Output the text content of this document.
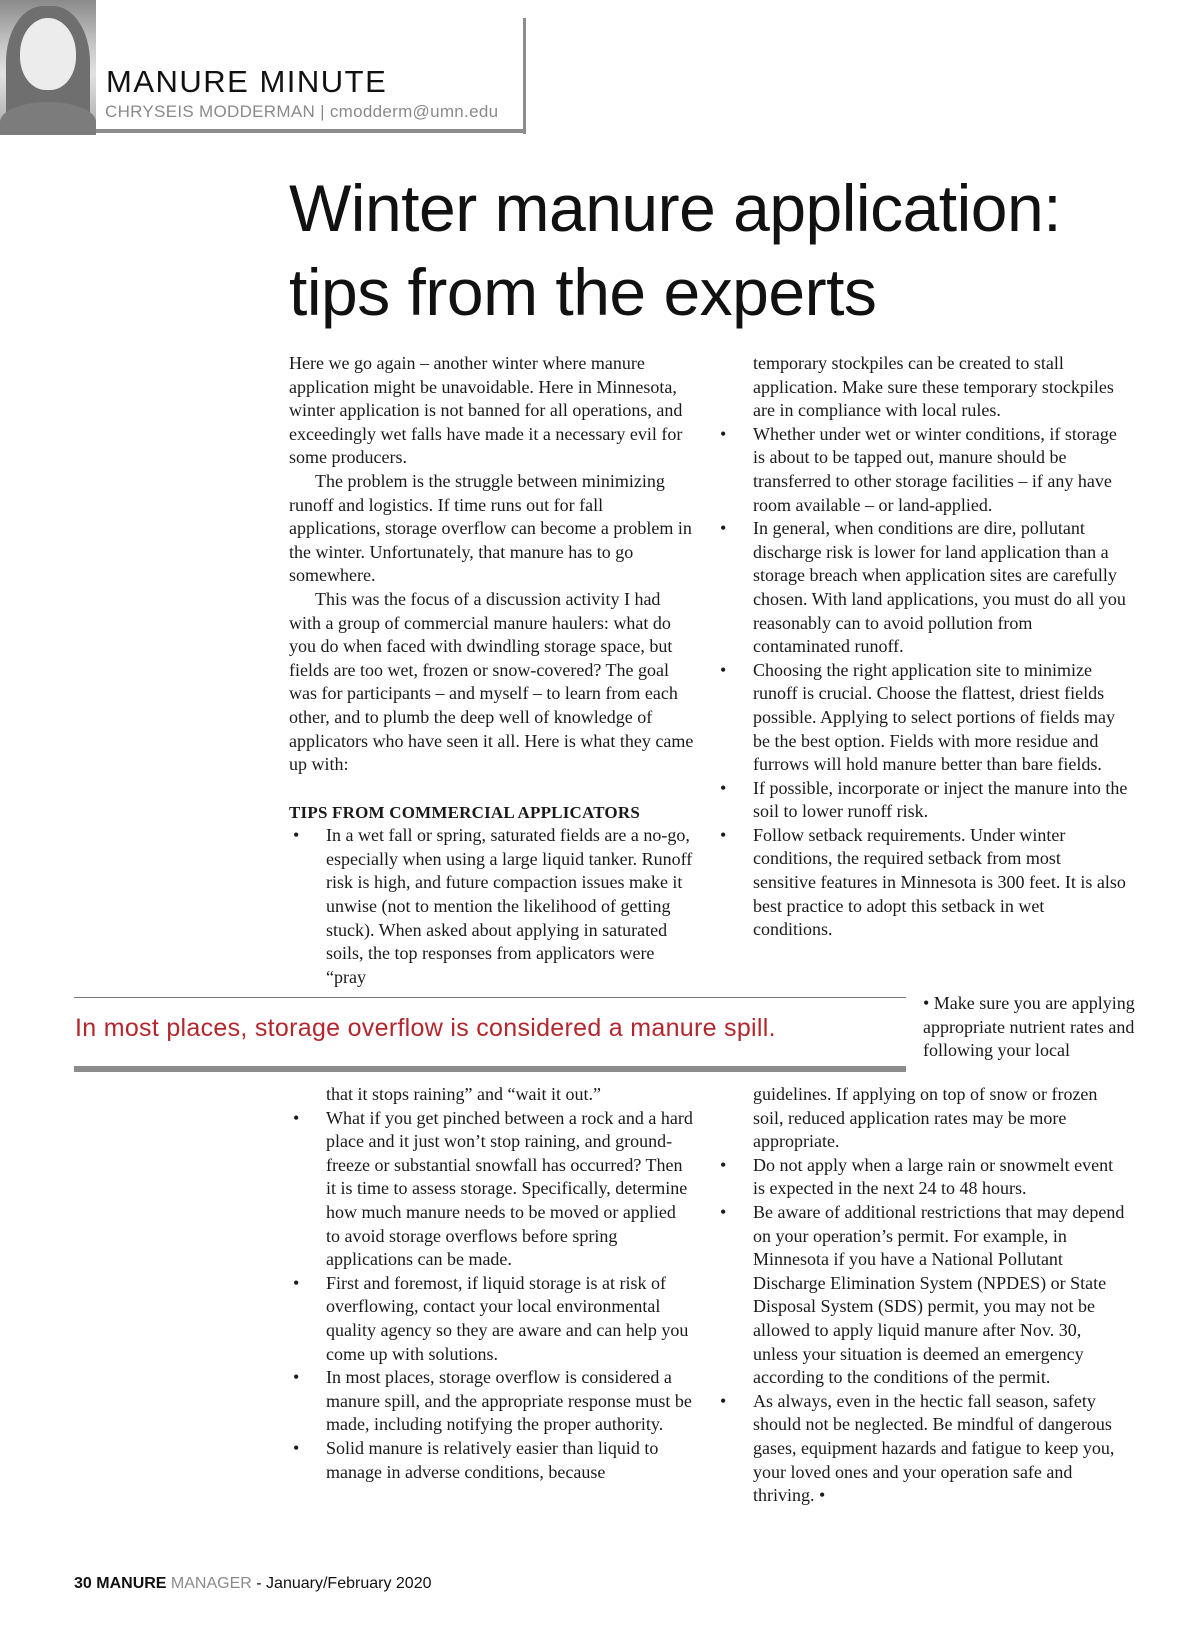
MANURE MINUTE
CHRYSEIS MODDERMAN | cmodderm@umn.edu
Winter manure application:
tips from the experts

Here we go again – another winter where manure application might be unavoidable. Here in Minnesota, winter application is not banned for all operations, and exceedingly wet falls have made it a necessary evil for some producers.

The problem is the struggle between minimizing runoff and logistics. If time runs out for fall applications, storage overflow can become a problem in the winter. Unfortunately, that manure has to go somewhere.

This was the focus of a discussion activity I had with a group of commercial manure haulers: what do you do when faced with dwindling storage space, but fields are too wet, frozen or snow-covered? The goal was for participants – and myself – to learn from each other, and to plumb the deep well of knowledge of applicators who have seen it all. Here is what they came up with:

TIPS FROM COMMERCIAL APPLICATORS
• In a wet fall or spring, saturated fields are a no-go, especially when using a large liquid tanker. Runoff risk is high, and future compaction issues make it unwise (not to mention the likelihood of getting stuck). When asked about applying in saturated soils, the top responses from applicators were “pray
temporary stockpiles can be created to stall application. Make sure these temporary stockpiles are in compliance with local rules.
• Whether under wet or winter conditions, if storage is about to be tapped out, manure should be transferred to other storage facilities – if any have room available – or land-applied.
• In general, when conditions are dire, pollutant discharge risk is lower for land application than a storage breach when application sites are carefully chosen. With land applications, you must do all you reasonably can to avoid pollution from contaminated runoff.
• Choosing the right application site to minimize runoff is crucial. Choose the flattest, driest fields possible. Applying to select portions of fields may be the best option. Fields with more residue and furrows will hold manure better than bare fields.
• If possible, incorporate or inject the manure into the soil to lower runoff risk.
• Follow setback requirements. Under winter conditions, the required setback from most sensitive features in Minnesota is 300 feet. It is also best practice to adopt this setback in wet conditions.
In most places, storage overflow is considered a manure spill.

• Make sure you are applying appropriate nutrient rates and following your local

that it stops raining” and “wait it out.”
• What if you get pinched between a rock and a hard place and it just won’t stop raining, and ground-freeze or substantial snowfall has occurred? Then it is time to assess storage. Specifically, determine how much manure needs to be moved or applied to avoid storage overflows before spring applications can be made.
• First and foremost, if liquid storage is at risk of overflowing, contact your local environmental quality agency so they are aware and can help you come up with solutions.
• In most places, storage overflow is considered a manure spill, and the appropriate response must be made, including notifying the proper authority.
• Solid manure is relatively easier than liquid to manage in adverse conditions, because
guidelines. If applying on top of snow or frozen soil, reduced application rates may be more appropriate.
• Do not apply when a large rain or snowmelt event is expected in the next 24 to 48 hours.
• Be aware of additional restrictions that may depend on your operation’s permit. For example, in Minnesota if you have a National Pollutant Discharge Elimination System (NPDES) or State Disposal System (SDS) permit, you may not be allowed to apply liquid manure after Nov. 30, unless your situation is deemed an emergency according to the conditions of the permit.
• As always, even in the hectic fall season, safety should not be neglected. Be mindful of dangerous gases, equipment hazards and fatigue to keep you, your loved ones and your operation safe and thriving. •
30 MANURE MANAGER - January/February 2020
